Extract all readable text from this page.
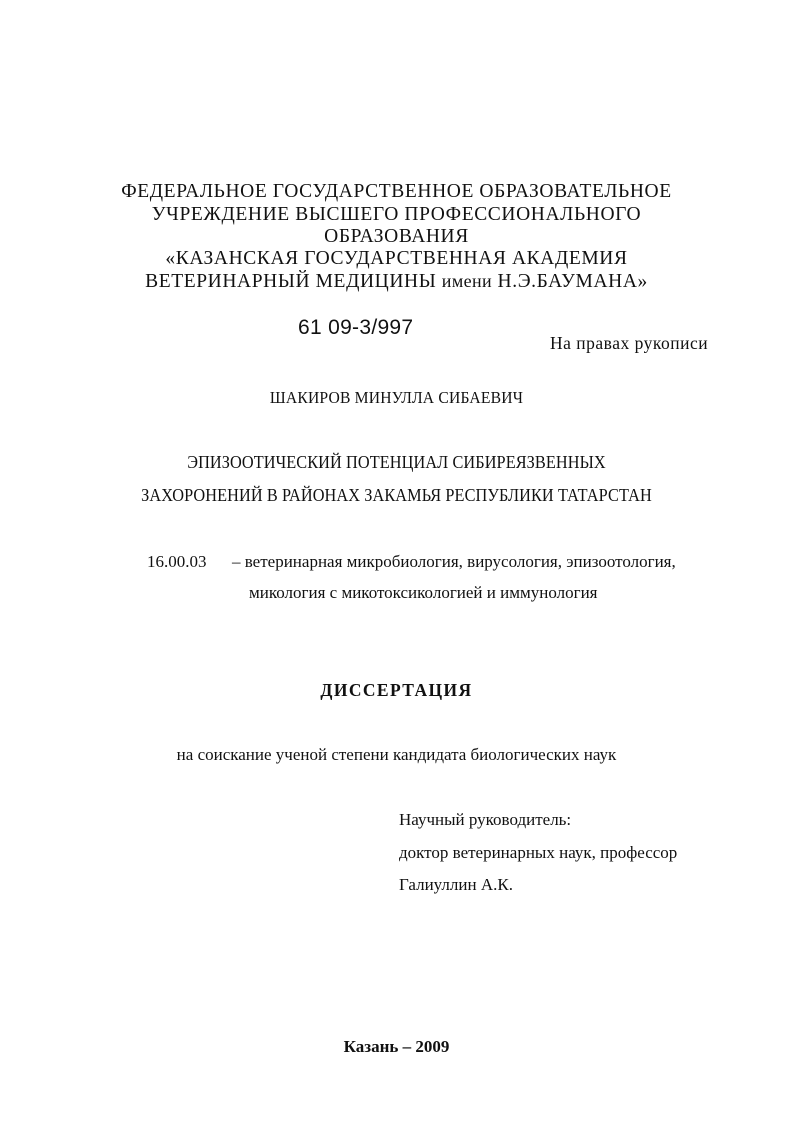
ФЕДЕРАЛЬНОЕ ГОСУДАРСТВЕННОЕ ОБРАЗОВАТЕЛЬНОЕ
УЧРЕЖДЕНИЕ ВЫСШЕГО ПРОФЕССИОНАЛЬНОГО
ОБРАЗОВАНИЯ
«КАЗАНСКАЯ ГОСУДАРСТВЕННАЯ АКАДЕМИЯ
ВЕТЕРИНАРНЫЙ МЕДИЦИНЫ имени Н.Э.БАУМАНА»
61 09-3/997
На правах рукописи
ШАКИРОВ МИНУЛЛА СИБАЕВИЧ
ЭПИЗООТИЧЕСКИЙ ПОТЕНЦИАЛ СИБИРЕЯЗВЕННЫХ
ЗАХОРОНЕНИЙ В РАЙОНАХ ЗАКАМЬЯ РЕСПУБЛИКИ ТАТАРСТАН
16.00.03 – ветеринарная микробиология, вирусология, эпизоотология,
микология с микотоксикологией и иммунология
ДИССЕРТАЦИЯ
на соискание ученой степени кандидата биологических наук
Научный руководитель:
доктор ветеринарных наук, профессор
Галиуллин А.К.
Казань – 2009
